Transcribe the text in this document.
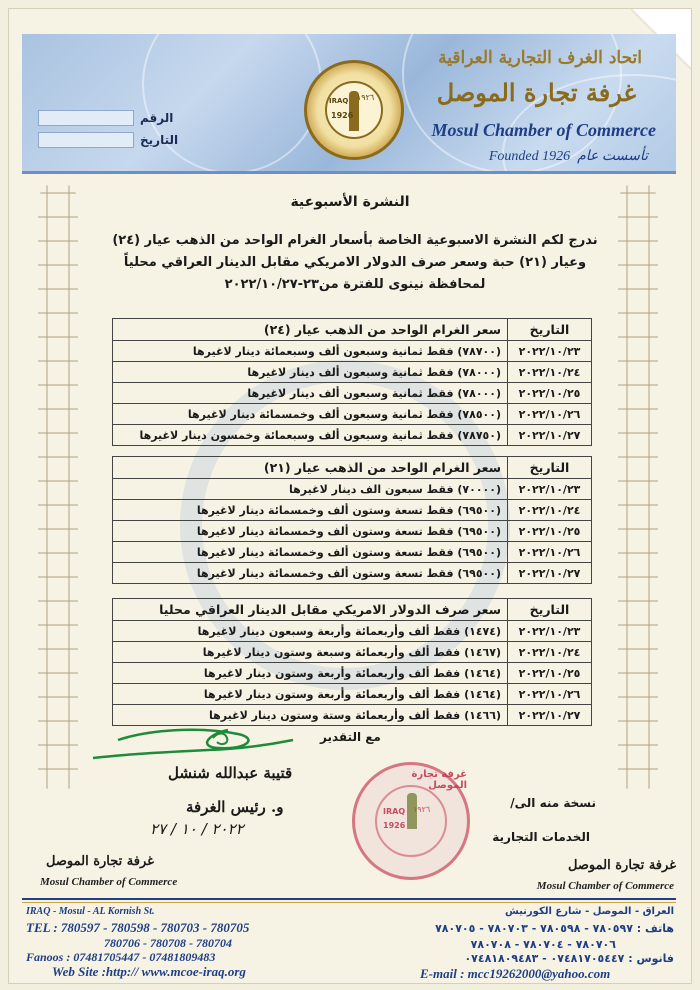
الرقم
التاريخ
IRAQ ١٩٢٦
1926
اتحاد الغرف التجارية العراقية
غرفة تجارة الموصل
Mosul Chamber of Commerce
Founded 1926 تأسست عام
النشرة الأسبوعية
ندرج لكم النشرة الاسبوعية الخاصة بأسعار الغرام الواحد من الذهب عيار (٢٤) وعيار (٢١) حبة وسعر صرف الدولار الامريكي مقابل الدينار العراقي محلياً لمحافظة نينوى للفترة من٢٣-٢٠٢٢/١٠/٢٧
التاريخ	سعر الغرام الواحد من الذهب عيار (٢٤)
٢٠٢٢/١٠/٢٣	(٧٨٧٠٠) فقط ثمانية وسبعون ألف وسبعمائة دينار لاغيرها
٢٠٢٢/١٠/٢٤	(٧٨٠٠٠) فقط ثمانية وسبعون ألف دينار لاغيرها
٢٠٢٢/١٠/٢٥	(٧٨٠٠٠) فقط ثمانية وسبعون ألف دينار لاغيرها
٢٠٢٢/١٠/٢٦	(٧٨٥٠٠) فقط ثمانية وسبعون ألف وخمسمائة دينار لاغيرها
٢٠٢٢/١٠/٢٧	(٧٨٧٥٠) فقط ثمانية وسبعون ألف وسبعمائة وخمسون دينار لاغيرها
التاريخ	سعر الغرام الواحد من الذهب عيار (٢١)
٢٠٢٢/١٠/٢٣	(٧٠٠٠٠) فقط سبعون الف دينار لاغيرها
٢٠٢٢/١٠/٢٤	(٦٩٥٠٠) فقط تسعة وستون ألف وخمسمائة دينار لاغيرها
٢٠٢٢/١٠/٢٥	(٦٩٥٠٠) فقط تسعة وستون ألف وخمسمائة دينار لاغيرها
٢٠٢٢/١٠/٢٦	(٦٩٥٠٠) فقط تسعة وستون ألف وخمسمائة دينار لاغيرها
٢٠٢٢/١٠/٢٧	(٦٩٥٠٠) فقط تسعة وستون ألف وخمسمائة دينار لاغيرها
التاريخ	سعر صرف الدولار الامريكي مقابل الدينار العراقي محليا
٢٠٢٢/١٠/٢٣	(١٤٧٤) فقط ألف وأربعمائة وأربعة وسبعون دينار لاغيرها
٢٠٢٢/١٠/٢٤	(١٤٦٧) فقط ألف وأربعمائة وسبعة وستون دينار لاغيرها
٢٠٢٢/١٠/٢٥	(١٤٦٤) فقط ألف وأربعمائة وأربعة وستون دينار لاغيرها
٢٠٢٢/١٠/٢٦	(١٤٦٤) فقط ألف وأربعمائة وأربعة وستون دينار لاغيرها
٢٠٢٢/١٠/٢٧	(١٤٦٦) فقط ألف وأربعمائة وستة وستون دينار لاغيرها
مع التقدير
قتيبة عبدالله شنشل
و. رئيس الغرفة
٢٠٢٢ / ١٠ / ٢٧
نسخة منه الى/
الخدمات التجارية
غرفة تجارة الموصل
IRAQ
1926
١٩٢٦
غرفة تجارة الموصل
Mosul Chamber of Commerce
غرفة تجارة الموصل
Mosul Chamber of Commerce
IRAQ - Mosul - AL Kornish St.
TEL : 780597 - 780598 - 780703 - 780705
780706 - 780708 - 780704
Fanoos : 07481705447 - 07481809483
Web Site :http:// www.mcoe-iraq.org
العراق - الموصل - شارع الكورنيش
هاتف : ٧٨٠٥٩٧ - ٧٨٠٥٩٨ - ٧٨٠٧٠٣ - ٧٨٠٧٠٥
٧٨٠٧٠٦ - ٧٨٠٧٠٤ - ٧٨٠٧٠٨
فانوس : ٠٧٤٨١٧٠٥٤٤٧ - ٠٧٤٨١٨٠٩٤٨٣
E-mail : mcc19262000@yahoo.com
